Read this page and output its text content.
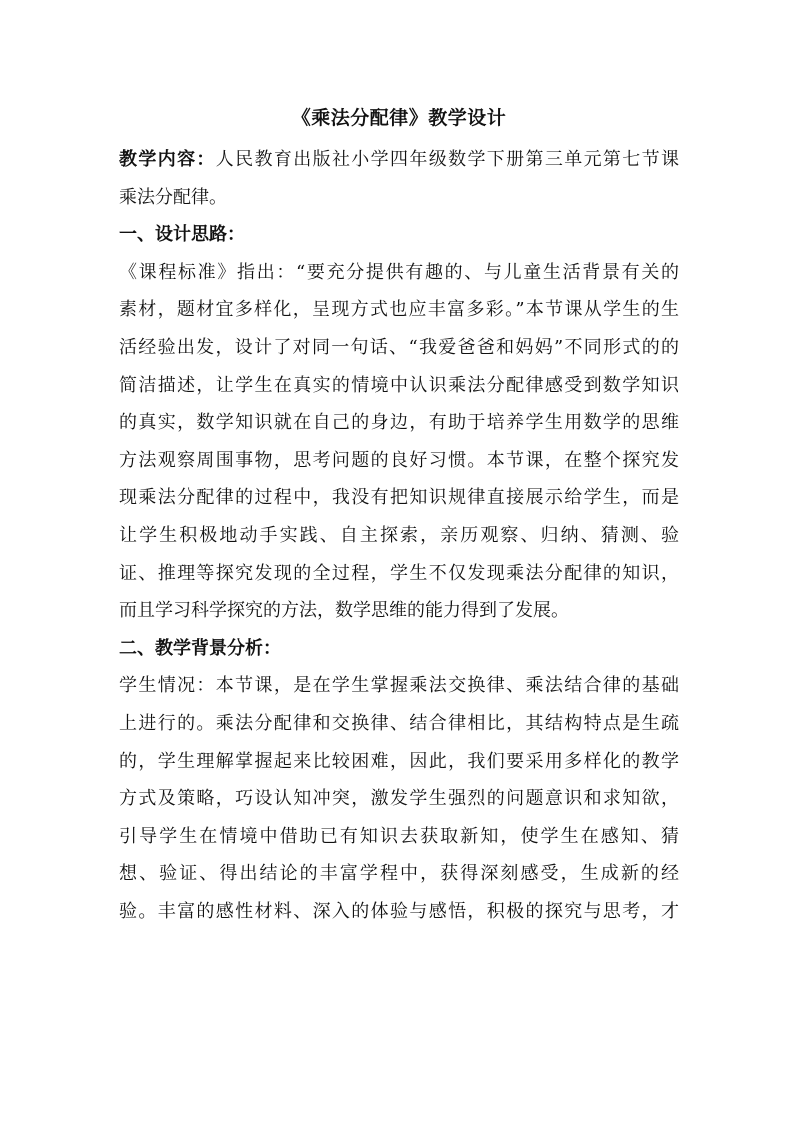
《乘法分配律》教学设计
教学内容：人民教育出版社小学四年级数学下册第三单元第七节课
乘法分配律。
一、设计思路：
《课程标准》指出：“要充分提供有趣的、与儿童生活背景有关的
素材，题材宜多样化，呈现方式也应丰富多彩。”本节课从学生的生
活经验出发，设计了对同一句话、“我爱爸爸和妈妈”不同形式的的
简洁描述，让学生在真实的情境中认识乘法分配律感受到数学知识
的真实，数学知识就在自己的身边，有助于培养学生用数学的思维
方法观察周围事物，思考问题的良好习惯。本节课，在整个探究发
现乘法分配律的过程中，我没有把知识规律直接展示给学生，而是
让学生积极地动手实践、自主探索，亲历观察、归纳、猜测、验
证、推理等探究发现的全过程，学生不仅发现乘法分配律的知识，
而且学习科学探究的方法，数学思维的能力得到了发展。
二、教学背景分析：
学生情况：本节课，是在学生掌握乘法交换律、乘法结合律的基础
上进行的。乘法分配律和交换律、结合律相比，其结构特点是生疏
的，学生理解掌握起来比较困难，因此，我们要采用多样化的教学
方式及策略，巧设认知冲突，激发学生强烈的问题意识和求知欲，
引导学生在情境中借助已有知识去获取新知，使学生在感知、猜
想、验证、得出结论的丰富学程中，获得深刻感受，生成新的经
验。丰富的感性材料、深入的体验与感悟，积极的探究与思考，才
